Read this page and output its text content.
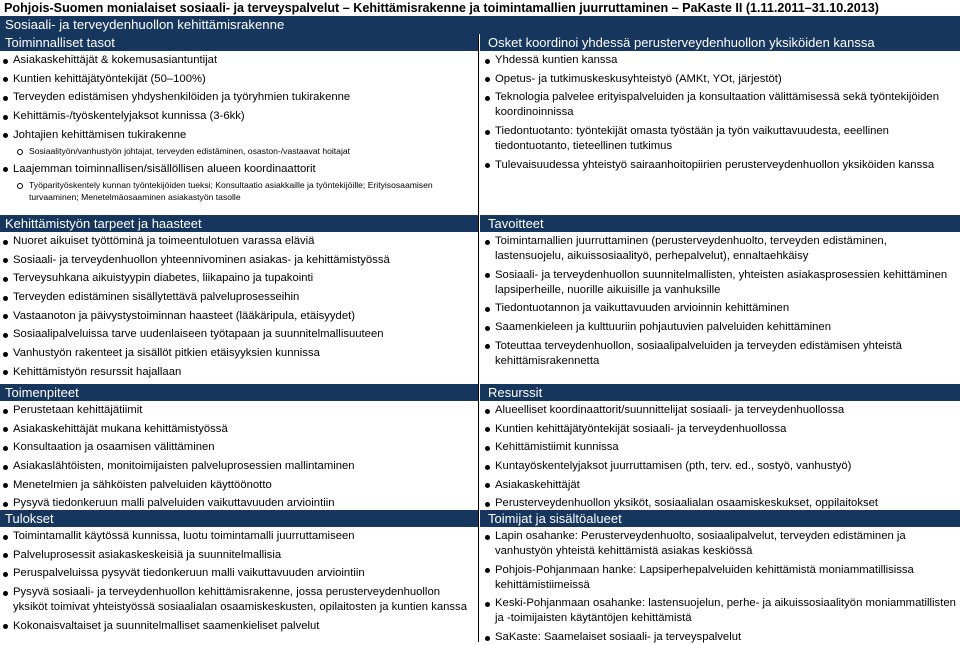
Pohjois-Suomen monialaiset sosiaali- ja terveyspalvelut – Kehittämisrakenne ja toimintamallien juurruttaminen – PaKaste II (1.11.2011–31.10.2013)
Sosiaali- ja terveydenhuollon kehittämisrakenne
Toiminnalliset tasot
Asiakaskehittäjät & kokemusasiantuntijat
Kuntien kehittäjätyöntekijät (50–100%)
Terveyden edistämisen yhdyshenkilöiden ja työryhmien tukirakenne
Kehittämis-/työskentelyjaksot kunnissa (3-6kk)
Johtajien kehittämisen tukirakenne
Sosiaalityön/vanhustyön johtajat, terveyden edistäminen, osaston-/vastaavat hoitajat
Laajemman toiminnallisen/sisällöllisen alueen koordinaattorit
Työparityöskentely kunnan työntekijöiden tueksi; Konsultaatio asiakkaille ja työntekijöille; Erityisosaamisen turvaaminen; Menetelmäosaaminen asiakastyön tasolle
Kehittämistyön tarpeet ja haasteet
Nuoret aikuiset työttöminä ja toimeentulotuen varassa eläviä
Sosiaali- ja terveydenhuollon yhteennivominen asiakas- ja kehittämistyössä
Terveysuhkana aikuistyypin diabetes, liikapaino ja tupakointi
Terveyden edistäminen sisällytettävä palveluprosesseihin
Vastaanoton ja päivystystoiminnan haasteet (lääkäripula, etäisyydet)
Sosiaalipalveluissa tarve uudenlaiseen työtapaan ja suunnitelmallisuuteen
Vanhustyön rakenteet ja sisällöt pitkien etäisyyksien kunnissa
Kehittämistyön resurssit hajallaan
Toimenpiteet
Perustetaan kehittäjätiimit
Asiakaskehittäjät mukana kehittämistyössä
Konsultaation ja osaamisen välittäminen
Asiakaslähtöisten, monitoimijaisten palveluprosessien mallintaminen
Menetelmien ja sähköisten palveluiden käyttöönotto
Pysyvä tiedonkeruun malli palveluiden vaikuttavuuden arviointiin
Tulokset
Toimintamallit käytössä kunnissa, luotu toimintamalli juurruttamiseen
Palveluprosessit asiakaskeskeisiä ja suunnitelmallisia
Peruspalveluissa pysyvät tiedonkeruun malli vaikuttavuuden arviointiin
Pysyvä sosiaali- ja terveydenhuollon kehittämisrakenne, jossa perusterveydenhuollon yksiköt toimivat yhteistyössä sosiaalialan osaamiskeskusten, opilaitosten ja kuntien kanssa
Kokonaisvaltaiset ja suunnitelmalliset saamenkieliset palvelut
Osket koordinoi yhdessä perusterveydenhuollon yksiköiden kanssa
Yhdessä kuntien kanssa
Opetus- ja tutkimuskeskusyhteistyö (AMKt, YOt, järjestöt)
Teknologia palvelee erityispalveluiden ja konsultaation välittämisessä sekä työntekijöiden koordinoinnissa
Tiedontuotanto: työntekijät omasta työstään ja työn vaikuttavuudesta, eeellinen tiedontuotanto, tieteellinen tutkimus
Tulevaisuudessa yhteistyö sairaanhoitopiirien perusterveydenhuollon yksiköiden kanssa
Tavoitteet
Toimintamallien juurruttaminen (perusterveydenhuolto, terveyden edistäminen, lastensuojelu, aikuissosiaalityö, perhepalvelut), ennaltaehkäisy
Sosiaali- ja terveydenhuollon suunnitelmallisten, yhteisten asiakasprosessien kehittäminen lapsiperheille, nuorille aikuisille ja vanhuksille
Tiedontuotannon ja vaikuttavuuden arvioinnin kehittäminen
Saamenkieleen ja kulttuuriin pohjautuvien palveluiden kehittäminen
Toteuttaa terveydenhuollon, sosiaalipalveluiden ja terveyden edistämisen yhteistä kehittämisrakennetta
Resurssit
Alueelliset koordinaattorit/suunnittelijat sosiaali- ja terveydenhuollossa
Kuntien kehittäjätyöntekijät sosiaali- ja terveydenhuollossa
Kehittämistiimit kunnissa
Kuntayöskentelyjaksot juurruttamisen (pth, terv. ed., sostyö, vanhustyö)
Asiakaskehittäjät
Perusterveydenhuollon yksiköt, sosiaalialan osaamiskeskukset, oppilaitokset
Toimijat ja sisältöalueet
Lapin osahanke: Perusterveydenhuolto, sosiaalipalvelut, terveyden edistäminen ja vanhustyön yhteistä kehittämistä asiakas keskiössä
Pohjois-Pohjanmaan hanke: Lapsiperhepalveluiden kehittämistä moniammatillisissa kehittämistiimeissä
Keski-Pohjanmaan osahanke: lastensuojelun, perhe- ja aikuissosiaalityön moniammatillisten ja -toimijaisten käytäntöjen kehittämistä
SaKaste: Saamelaiset sosiaali- ja terveyspalvelut
